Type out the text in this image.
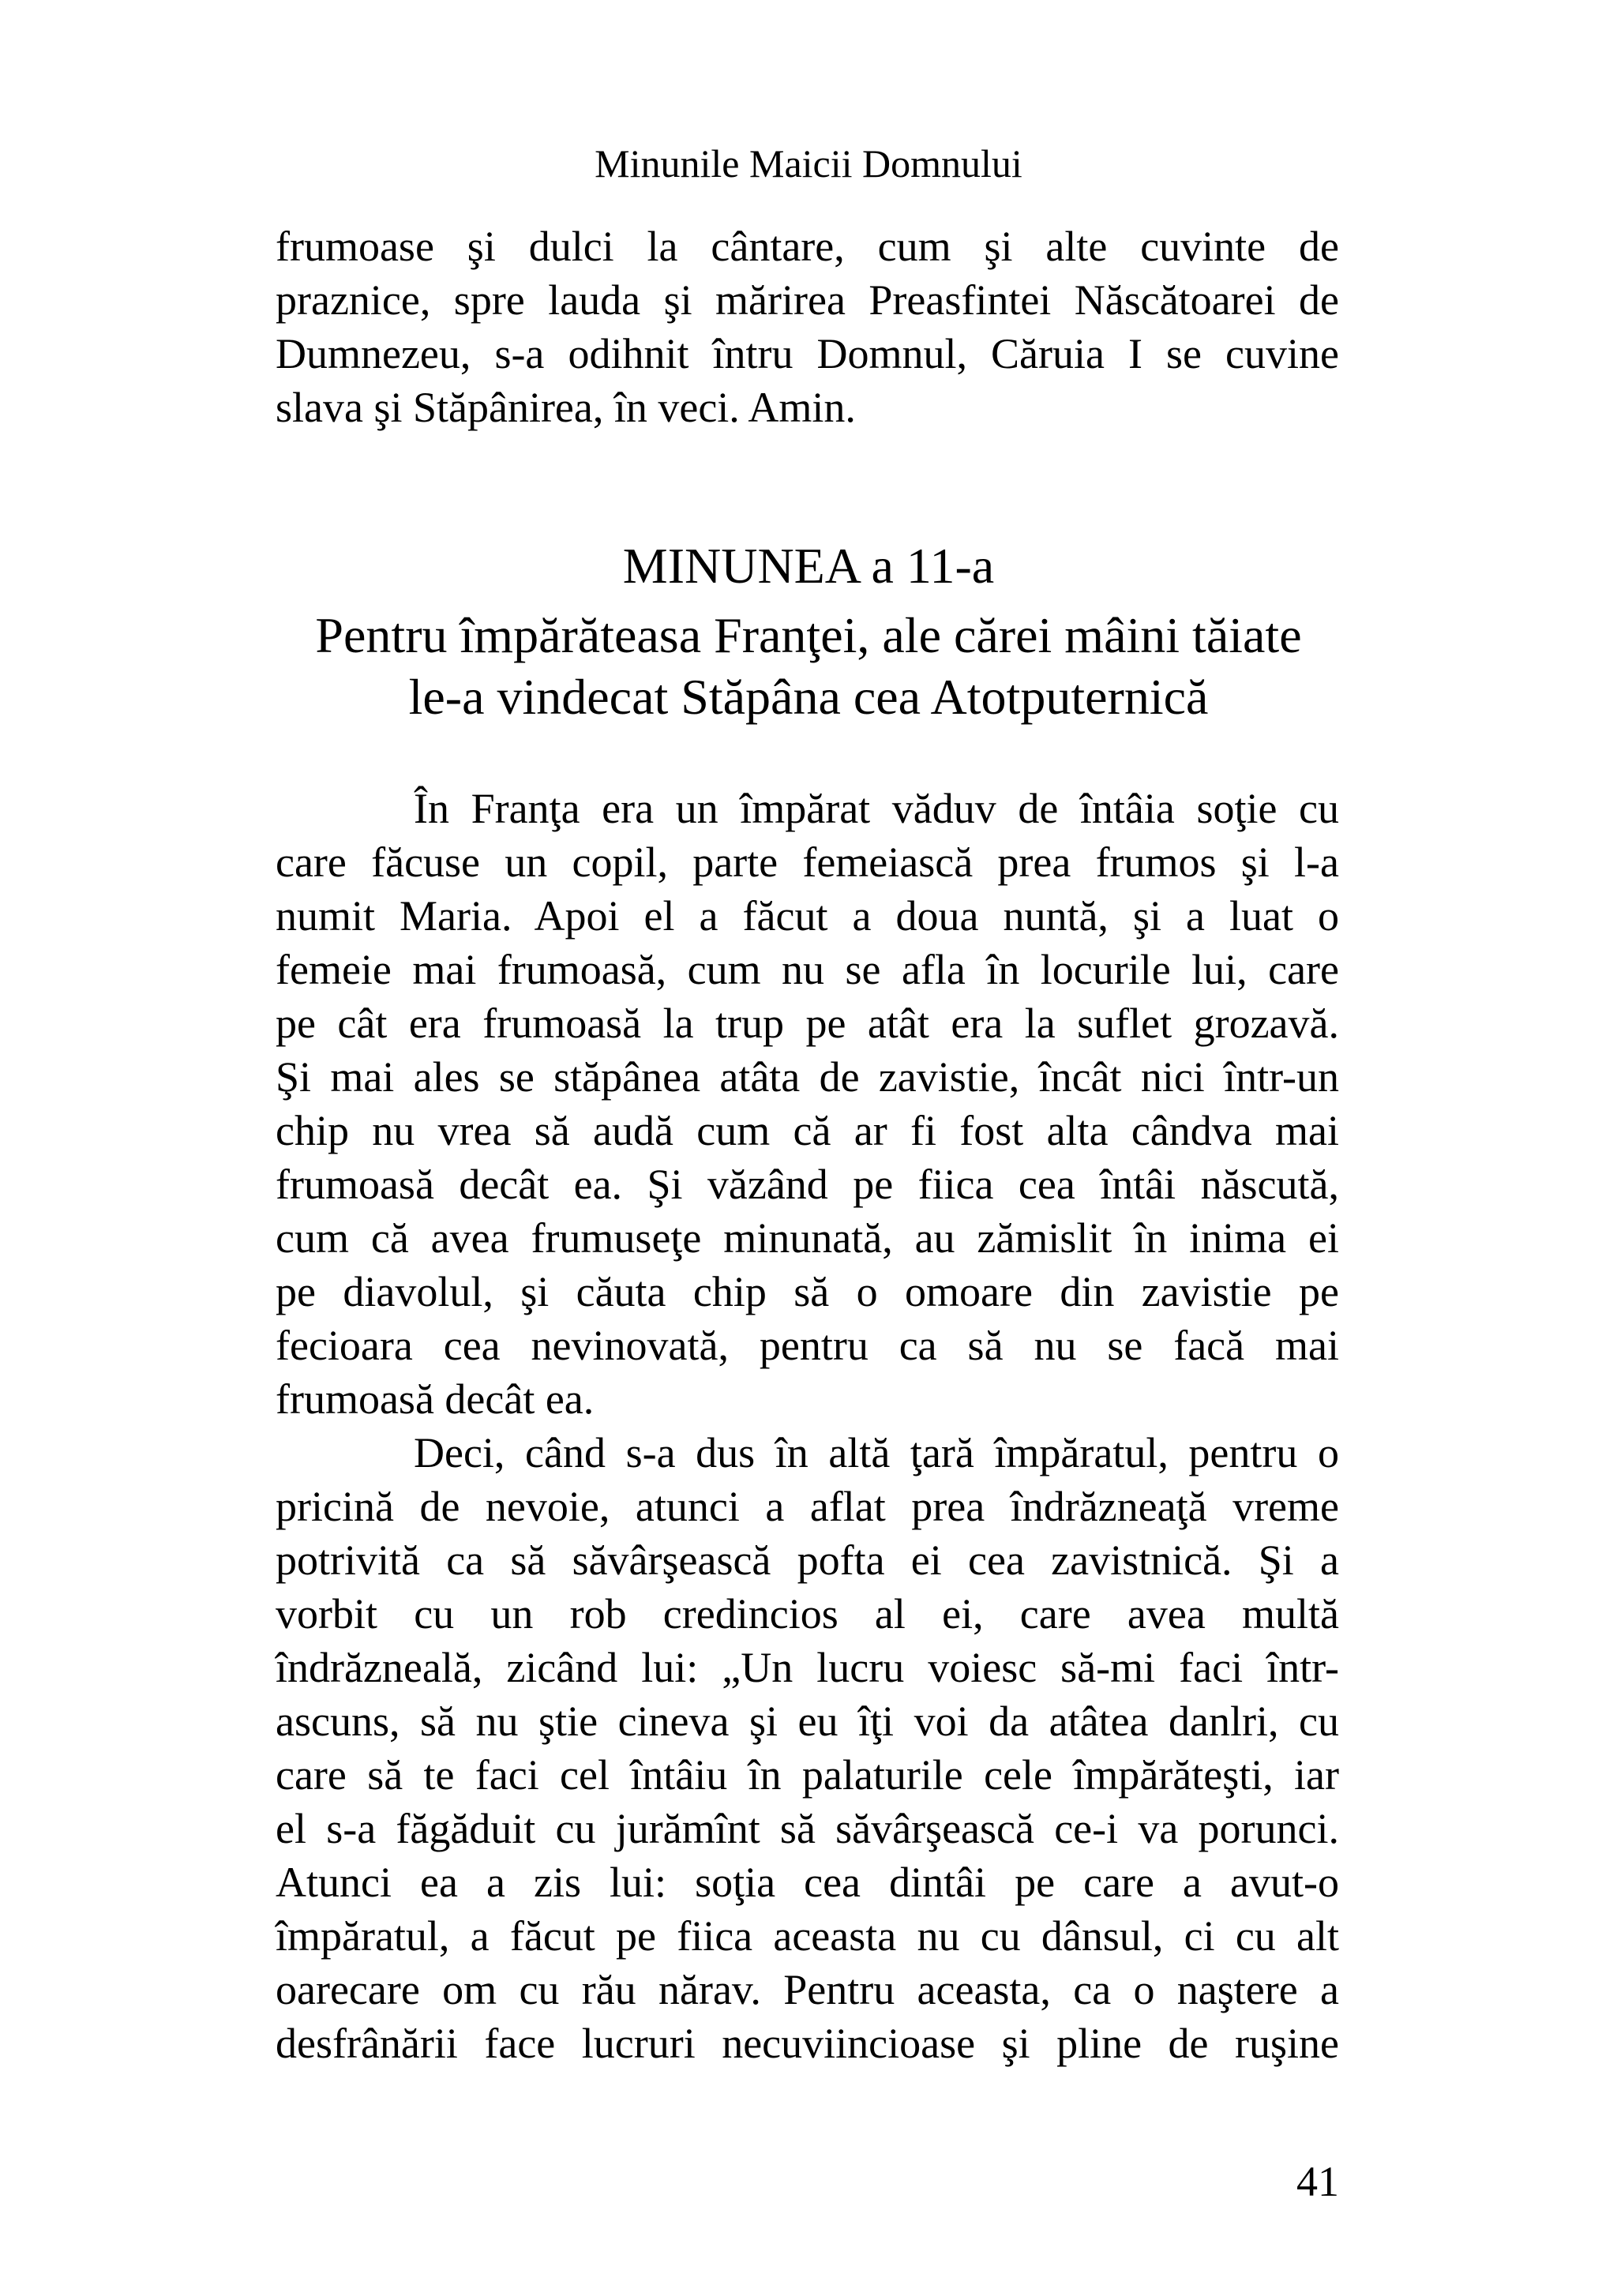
Minunile Maicii Domnului
frumoase şi dulci la cântare, cum şi alte cuvinte de
praznice, spre lauda şi mărirea Preasfintei Născătoarei de
Dumnezeu, s-a odihnit întru Domnul, Căruia I se cuvine
slava şi Stăpânirea, în veci. Amin.
MINUNEA a 11-a
Pentru împărăteasa Franţei, ale cărei mâini tăiate
le-a vindecat Stăpâna cea Atotputernică
În Franţa era un împărat văduv de întâia soţie cu
care făcuse un copil, parte femeiască prea frumos şi l-a
numit Maria. Apoi el a făcut a doua nuntă, şi a luat o
femeie mai frumoasă, cum nu se afla în locurile lui, care
pe cât era frumoasă la trup pe atât era la suflet grozavă.
Şi mai ales se stăpânea atâta de zavistie, încât nici într-un
chip nu vrea să audă cum că ar fi fost alta cândva mai
frumoasă decât ea. Şi văzând pe fiica cea întâi născută,
cum că avea frumuseţe minunată, au zămislit în inima ei
pe diavolul, şi căuta chip să o omoare din zavistie pe
fecioara cea nevinovată, pentru ca să nu se facă mai
frumoasă decât ea.
Deci, când s-a dus în altă ţară împăratul, pentru o
pricină de nevoie, atunci a aflat prea îndrăzneaţă vreme
potrivită ca să săvârşească pofta ei cea zavistnică. Şi a
vorbit cu un rob credincios al ei, care avea multă
îndrăzneală, zicând lui: „Un lucru voiesc să-mi faci într-
ascuns, să nu ştie cineva şi eu îţi voi da atâtea danlri, cu
care să te faci cel întâiu în palaturile cele împărăteşti, iar
el s-a făgăduit cu jurămînt să săvârşească ce-i va porunci.
Atunci ea a zis lui: soţia cea dintâi pe care a avut-o
împăratul, a făcut pe fiica aceasta nu cu dânsul, ci cu alt
oarecare om cu rău nărav. Pentru aceasta, ca o naştere a
desfrânării face lucruri necuviincioase şi pline de ruşine
41
